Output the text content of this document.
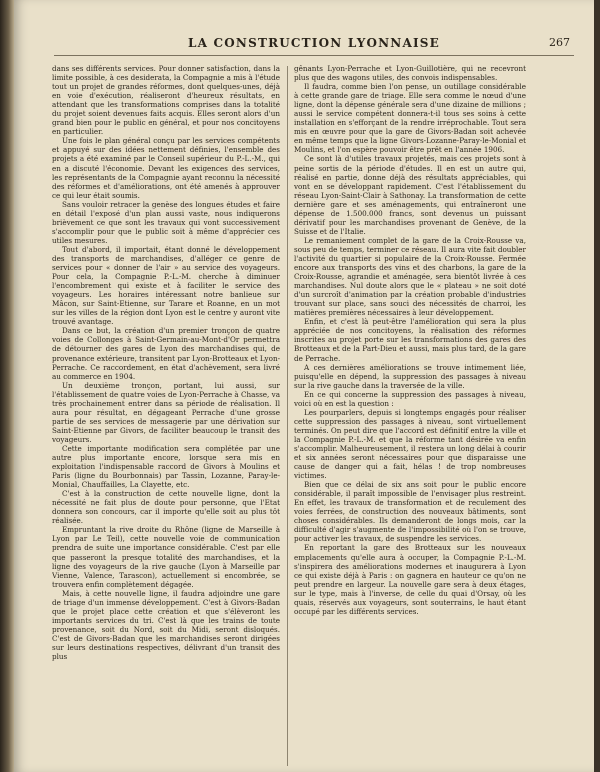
LA CONSTRUCTION LYONNAISE	267

dans ses différents services. Pour donner satisfaction, dans la limite possible, à ces desiderata, la Compagnie a mis à l'étude tout un projet de grandes réformes, dont quelques-unes, déjà en voie d'exécution, réaliseront d'heureux résultats, en attendant que les transformations comprises dans la totalité du projet soient devenues faits acquis. Elles seront alors d'un grand bien pour le public en général, et pour nos concitoyens en particulier.

Une fois le plan général conçu par les services compétents et appuyé sur des idées nettement définies, l'ensemble des projets a été examiné par le Conseil supérieur du P.-L.-M., qui en a discuté l'économie. Devant les exigences des services, les représentants de la Compagnie ayant reconnu la nécessité des réformes et d'améliorations, ont été amenés à approuver ce qui leur était soumis.

Sans vouloir retracer la genèse des longues études et faire en détail l'exposé d'un plan aussi vaste, nous indiquerons brièvement ce que sont les travaux qui vont successivement s'accomplir pour que le public soit à même d'apprécier ces utiles mesures.

Tout d'abord, il importait, étant donné le développement des transports de marchandises, d'alléger ce genre de services pour « donner de l'air » au service des voyageurs. Pour cela, la Compagnie P.-L.-M. cherche à diminuer l'encombrement qui existe et à faciliter le service des voyageurs. Les horaires intéressant notre banlieue sur Mâcon, sur Saint-Etienne, sur Tarare et Roanne, en un mot sur les villes de la région dont Lyon est le centre y auront vite trouvé avantage.

Dans ce but, la création d'un premier tronçon de quatre voies de Collonges à Saint-Germain-au-Mont-d'Or permettra de détourner des gares de Lyon des marchandises qui, de provenance extérieure, transitent par Lyon-Brotteaux et Lyon-Perrache. Ce raccordement, en état d'achèvement, sera livré au commerce en 1904.

Un deuxième tronçon, portant, lui aussi, sur l'établissement de quatre voies de Lyon-Perrache à Chasse, va très prochainement entrer dans sa période de réalisation. Il aura pour résultat, en dégageant Perrache d'une grosse partie de ses services de messagerie par une dérivation sur Saint-Etienne par Givors, de faciliter beaucoup le transit des voyageurs.

Cette importante modification sera complétée par une autre plus importante encore, lorsque sera mis en exploitation l'indispensable raccord de Givors à Moulins et Paris (ligne du Bourbonnais) par Tassin, Lozanne, Paray-le-Monial, Chauffailles, La Clayette, etc.

C'est à la construction de cette nouvelle ligne, dont la nécessité ne fait plus de doute pour personne, que l'Etat donnera son concours, car il importe qu'elle soit au plus tôt réalisée.

Empruntant la rive droite du Rhône (ligne de Marseille à Lyon par Le Teil), cette nouvelle voie de communication prendra de suite une importance considérable. C'est par elle que passeront la presque totalité des marchandises, et la ligne des voyageurs de la rive gauche (Lyon à Marseille par Vienne, Valence, Tarascon), actuellement si encombrée, se trouvera enfin complètement dégagée.

Mais, à cette nouvelle ligne, il faudra adjoindre une gare de triage d'un immense développement. C'est à Givors-Badan que le projet place cette création et que s'élèveront les importants services du tri. C'est là que les trains de toute provenance, soit du Nord, soit du Midi, seront disloqués. C'est de Givors-Badan que les marchandises seront dirigées sur leurs destinations respectives, délivrant d'un transit des plus

gênants Lyon-Perrache et Lyon-Guillotière, qui ne recevront plus que des wagons utiles, des convois indispensables.

Il faudra, comme bien l'on pense, un outillage considérable à cette grande gare de triage. Elle sera comme le nœud d'une ligne, dont la dépense générale sera d'une dizaine de millions ; aussi le service compétent donnera-t-il tous ses soins à cette installation en s'efforçant de la rendre irréprochable. Tout sera mis en œuvre pour que la gare de Givors-Badan soit achevée en même temps que la ligne Givors-Lozanne-Paray-le-Monial et Moulins, et l'on espère pouvoir être prêt en l'année 1906.

Ce sont là d'utiles travaux projetés, mais ces projets sont à peine sortis de la période d'études. Il en est un autre qui, réalisé en partie, donne déjà des résultats appréciables, qui vont en se développant rapidement. C'est l'établissement du réseau Lyon-Saint-Clair à Sathonay. La transformation de cette dernière gare et ses aménagements, qui entraîneront une dépense de 1.500.000 francs, sont devenus un puissant dérivatif pour les marchandises provenant de Genève, de la Suisse et de l'Italie.

Le remaniement complet de la gare de la Croix-Rousse va, sous peu de temps, terminer ce réseau. Il aura vite fait doubler l'activité du quartier si populaire de la Croix-Rousse. Fermée encore aux transports des vins et des charbons, la gare de la Croix-Rousse, agrandie et aménagée, sera bientôt livrée à ces marchandises. Nul doute alors que le « plateau » ne soit doté d'un surcroît d'animation par la création probable d'industries trouvant sur place, sans souci des nécessités de charroi, les matières premières nécessaires à leur développement.

Enfin, et c'est là peut-être l'amélioration qui sera la plus appréciée de nos concitoyens, la réalisation des réformes inscrites au projet porte sur les transformations des gares des Brotteaux et de la Part-Dieu et aussi, mais plus tard, de la gare de Perrache.

A ces dernières améliorations se trouve intimement liée, puisqu'elle en dépend, la suppression des passages à niveau sur la rive gauche dans la traversée de la ville.

En ce qui concerne la suppression des passages à niveau, voici où en est la question :

Les pourparlers, depuis si longtemps engagés pour réaliser cette suppression des passages à niveau, sont virtuellement terminés. On peut dire que l'accord est définitif entre la ville et la Compagnie P.-L.-M. et que la réforme tant désirée va enfin s'accomplir. Malheureusement, il restera un long délai à courir et six années seront nécessaires pour que disparaisse une cause de danger qui a fait, hélas ! de trop nombreuses victimes.

Bien que ce délai de six ans soit pour le public encore considérable, il paraît impossible de l'envisager plus restreint. En effet, les travaux de transformation et de reculement des voies ferrées, de construction des nouveaux bâtiments, sont choses considérables. Ils demanderont de longs mois, car la difficulté d'agir s'augmente de l'impossibilité où l'on se trouve, pour activer les travaux, de suspendre les services.

En reportant la gare des Brotteaux sur les nouveaux emplacements qu'elle aura à occuper, la Compagnie P.-L.-M. s'inspirera des améliorations modernes et inaugurera à Lyon ce qui existe déjà à Paris : on gagnera en hauteur ce qu'on ne peut prendre en largeur. La nouvelle gare sera à deux étages, sur le type, mais à l'inverse, de celle du quai d'Orsay, où les quais, réservés aux voyageurs, sont souterrains, le haut étant occupé par les différents services.
